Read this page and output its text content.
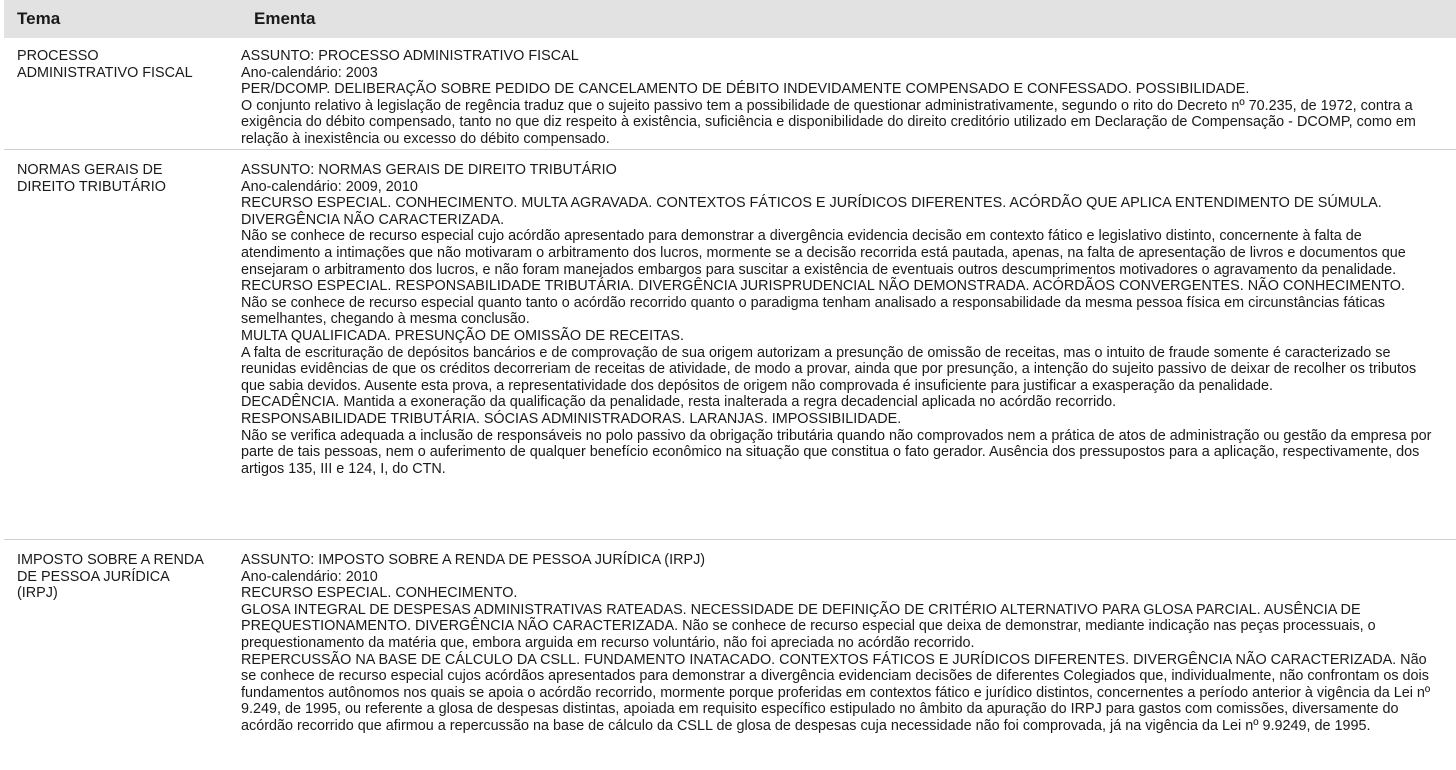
Tema	Ementa
PROCESSO
ADMINISTRATIVO FISCAL

ASSUNTO: PROCESSO ADMINISTRATIVO FISCAL

Ano-calendário: 2003

PER/DCOMP. DELIBERAÇÃO SOBRE PEDIDO DE CANCELAMENTO DE DÉBITO INDEVIDAMENTE COMPENSADO E CONFESSADO. POSSIBILIDADE.

O conjunto relativo à legislação de regência traduz que o sujeito passivo tem a possibilidade de questionar administrativamente, segundo o rito do Decreto nº 70.235, de 1972, contra a exigência do débito compensado, tanto no que diz respeito à existência, suficiência e disponibilidade do direito creditório utilizado em Declaração de Compensação - DCOMP, como em relação à inexistência ou excesso do débito compensado.

NORMAS GERAIS DE
DIREITO TRIBUTÁRIO

ASSUNTO: NORMAS GERAIS DE DIREITO TRIBUTÁRIO

Ano-calendário: 2009, 2010

RECURSO ESPECIAL. CONHECIMENTO. MULTA AGRAVADA. CONTEXTOS FÁTICOS E JURÍDICOS DIFERENTES. ACÓRDÃO QUE APLICA ENTENDIMENTO DE SÚMULA. DIVERGÊNCIA NÃO CARACTERIZADA.

Não se conhece de recurso especial cujo acórdão apresentado para demonstrar a divergência evidencia decisão em contexto fático e legislativo distinto, concernente à falta de atendimento a intimações que não motivaram o arbitramento dos lucros, mormente se a decisão recorrida está pautada, apenas, na falta de apresentação de livros e documentos que ensejaram o arbitramento dos lucros, e não foram manejados embargos para suscitar a existência de eventuais outros descumprimentos motivadores o agravamento da penalidade.

RECURSO ESPECIAL. RESPONSABILIDADE TRIBUTÁRIA. DIVERGÊNCIA JURISPRUDENCIAL NÃO DEMONSTRADA. ACÓRDÃOS CONVERGENTES. NÃO CONHECIMENTO.

Não se conhece de recurso especial quanto tanto o acórdão recorrido quanto o paradigma tenham analisado a responsabilidade da mesma pessoa física em circunstâncias fáticas semelhantes, chegando à mesma conclusão.

MULTA QUALIFICADA. PRESUNÇÃO DE OMISSÃO DE RECEITAS.

A falta de escrituração de depósitos bancários e de comprovação de sua origem autorizam a presunção de omissão de receitas, mas o intuito de fraude somente é caracterizado se reunidas evidências de que os créditos decorreriam de receitas de atividade, de modo a provar, ainda que por presunção, a intenção do sujeito passivo de deixar de recolher os tributos que sabia devidos. Ausente esta prova, a representatividade dos depósitos de origem não comprovada é insuficiente para justificar a exasperação da penalidade.

DECADÊNCIA. Mantida a exoneração da qualificação da penalidade, resta inalterada a regra decadencial aplicada no acórdão recorrido.

RESPONSABILIDADE TRIBUTÁRIA. SÓCIAS ADMINISTRADORAS. LARANJAS. IMPOSSIBILIDADE.

Não se verifica adequada a inclusão de responsáveis no polo passivo da obrigação tributária quando não comprovados nem a prática de atos de administração ou gestão da empresa por parte de tais pessoas, nem o auferimento de qualquer benefício econômico na situação que constitua o fato gerador. Ausência dos pressupostos para a aplicação, respectivamente, dos artigos 135, III e 124, I, do CTN.

IMPOSTO SOBRE A RENDA
DE PESSOA JURÍDICA
(IRPJ)

ASSUNTO: IMPOSTO SOBRE A RENDA DE PESSOA JURÍDICA (IRPJ)

Ano-calendário: 2010

RECURSO ESPECIAL. CONHECIMENTO.

GLOSA INTEGRAL DE DESPESAS ADMINISTRATIVAS RATEADAS. NECESSIDADE DE DEFINIÇÃO DE CRITÉRIO ALTERNATIVO PARA GLOSA PARCIAL. AUSÊNCIA DE PREQUESTIONAMENTO. DIVERGÊNCIA NÃO CARACTERIZADA. Não se conhece de recurso especial que deixa de demonstrar, mediante indicação nas peças processuais, o prequestionamento da matéria que, embora arguida em recurso voluntário, não foi apreciada no acórdão recorrido.

REPERCUSSÃO NA BASE DE CÁLCULO DA CSLL. FUNDAMENTO INATACADO. CONTEXTOS FÁTICOS E JURÍDICOS DIFERENTES. DIVERGÊNCIA NÃO CARACTERIZADA. Não se conhece de recurso especial cujos acórdãos apresentados para demonstrar a divergência evidenciam decisões de diferentes Colegiados que, individualmente, não confrontam os dois fundamentos autônomos nos quais se apoia o acórdão recorrido, mormente porque proferidas em contextos fático e jurídico distintos, concernentes a período anterior à vigência da Lei nº 9.249, de 1995, ou referente a glosa de despesas distintas, apoiada em requisito específico estipulado no âmbito da apuração do IRPJ para gastos com comissões, diversamente do acórdão recorrido que afirmou a repercussão na base de cálculo da CSLL de glosa de despesas cuja necessidade não foi comprovada, já na vigência da Lei nº 9.9249, de 1995.
